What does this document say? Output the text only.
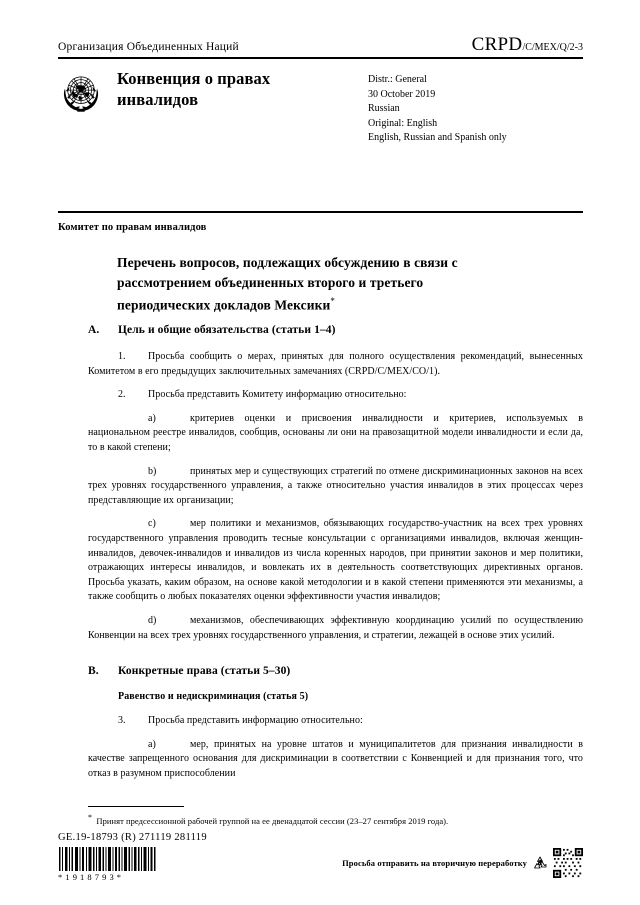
Организация Объединенных Наций	CRPD/C/MEX/Q/2-3
Конвенция о правах инвалидов
Distr.: General
30 October 2019
Russian
Original: English
English, Russian and Spanish only
Комитет по правам инвалидов
Перечень вопросов, подлежащих обсуждению в связи с рассмотрением объединенных второго и третьего периодических докладов Мексики*
A.	Цель и общие обязательства (статьи 1–4)

1. Просьба сообщить о мерах, принятых для полного осуществления рекомендаций, вынесенных Комитетом в его предыдущих заключительных замечаниях (CRPD/C/MEX/CO/1).

2. Просьба представить Комитету информацию относительно:

a)	критериев оценки и присвоения инвалидности и критериев, используемых в национальном реестре инвалидов, сообщив, основаны ли они на правозащитной модели инвалидности и если да, то в какой степени;

b)	принятых мер и существующих стратегий по отмене дискриминационных законов на всех трех уровнях государственного управления, а также относительно участия инвалидов в этих процессах через представляющие их организации;

c)	мер политики и механизмов, обязывающих государство-участник на всех трех уровнях государственного управления проводить тесные консультации с организациями инвалидов, включая женщин-инвалидов, девочек-инвалидов и инвалидов из числа коренных народов, при принятии законов и мер политики, отражающих интересы инвалидов, и вовлекать их в деятельность соответствующих директивных органов. Просьба указать, каким образом, на основе какой методологии и в какой степени применяются эти механизмы, а также сообщить о любых показателях оценки эффективности участия инвалидов;

d)	механизмов, обеспечивающих эффективную координацию усилий по осуществлению Конвенции на всех трех уровнях государственного управления, и стратегии, лежащей в основе этих усилий.

B.	Конкретные права (статьи 5–30)
Равенство и недискриминация (статья 5)

3. Просьба представить информацию относительно:

a)	мер, принятых на уровне штатов и муниципалитетов для признания инвалидности в качестве запрещенного основания для дискриминации в соответствии с Конвенцией и для признания того, что отказ в разумном приспособлении

* Принят предсессионной рабочей группой на ее двенадцатой сессии (23–27 сентября 2019 года).
GE.19-18793 (R) 271119 281119
*1918793*
Просьба отправить на вторичную переработку
